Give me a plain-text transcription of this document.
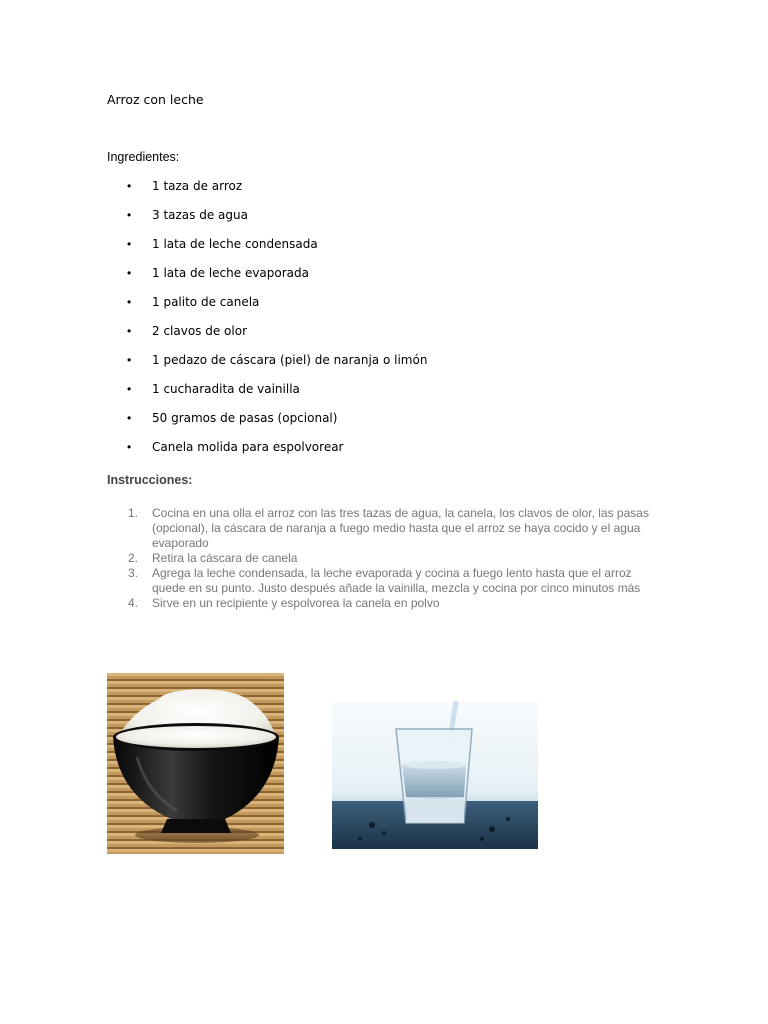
Arroz con leche
Ingredientes:
• 1 taza de arroz
• 3 tazas de agua
• 1 lata de leche condensada
• 1 lata de leche evaporada
• 1 palito de canela
• 2 clavos de olor
• 1 pedazo de cáscara (piel) de naranja o limón
• 1 cucharadita de vainilla
• 50 gramos de pasas (opcional)
• Canela molida para espolvorear
Instrucciones:
1. Cocina en una olla el arroz con las tres tazas de agua, la canela, los clavos de olor, las pasas (opcional), la cáscara de naranja a fuego medio hasta que el arroz se haya cocido y el agua evaporado
2. Retira la cáscara de canela
3. Agrega la leche condensada, la leche evaporada y cocina a fuego lento hasta que el arroz quede en su punto. Justo después añade la vainilla, mezcla y cocina por cinco minutos más
4. Sirve en un recipiente y espolvorea la canela en polvo
